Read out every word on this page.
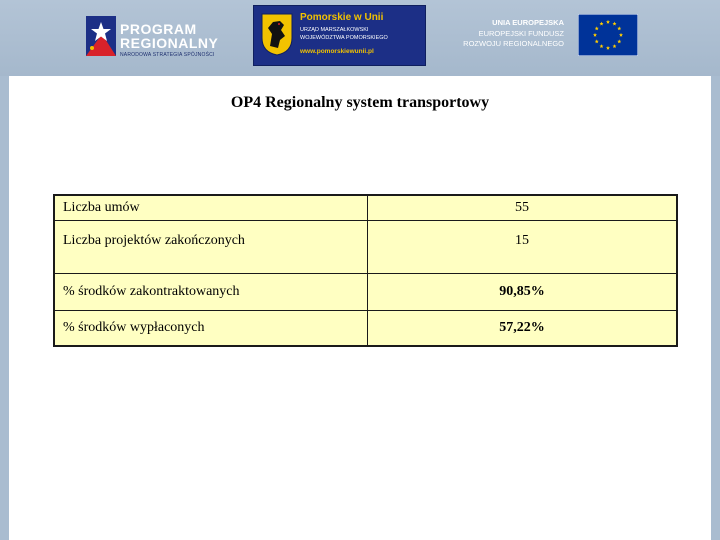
PROGRAM
REGIONALNY
NARODOWA STRATEGIA SPÓJNOŚCI
Pomorskie w Unii
URZĄD MARSZAŁKOWSKI
WOJEWÓDZTWA POMORSKIEGO
www.pomorskiewunii.pl
UNIA EUROPEJSKA
EUROPEJSKI FUNDUSZ
ROZWOJU REGIONALNEGO
OP4 Regionalny system transportowy
Liczba umów	55
Liczba projektów zakończonych	15
% środków zakontraktowanych	90,85%
% środków wypłaconych	57,22%
